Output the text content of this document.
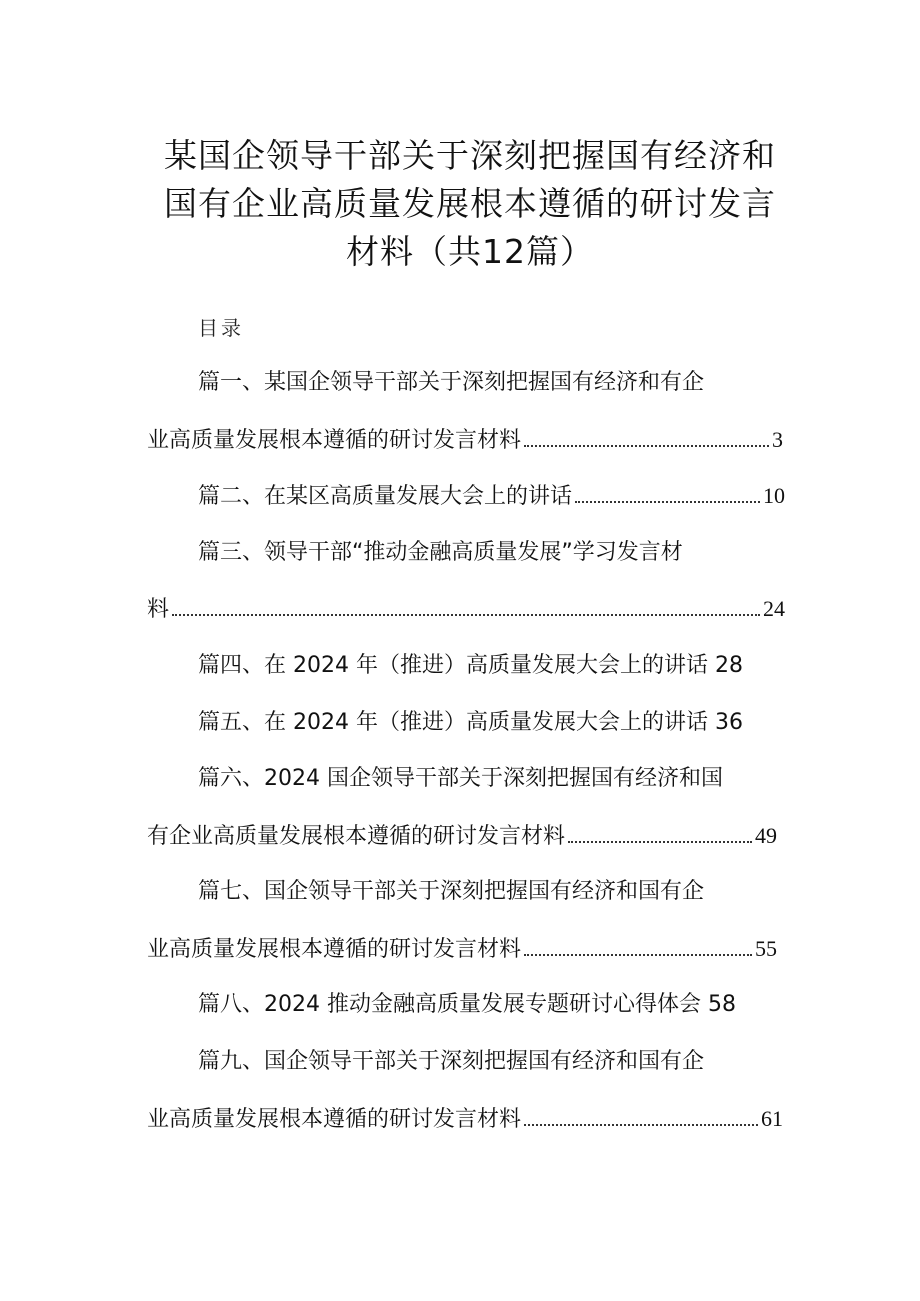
某国企领导干部关于深刻把握国有经济和国有企业高质量发展根本遵循的研讨发言材料（共12篇）
目录
篇一、某国企领导干部关于深刻把握国有经济和有企
业高质量发展根本遵循的研讨发言材料	3
篇二、在某区高质量发展大会上的讲话	10
篇三、领导干部“推动金融高质量发展”学习发言材
料	24
篇四、在 2024 年（推进）高质量发展大会上的讲话 28
篇五、在 2024 年（推进）高质量发展大会上的讲话 36
篇六、2024 国企领导干部关于深刻把握国有经济和国
有企业高质量发展根本遵循的研讨发言材料	49
篇七、国企领导干部关于深刻把握国有经济和国有企
业高质量发展根本遵循的研讨发言材料	55
篇八、2024 推动金融高质量发展专题研讨心得体会 58
篇九、国企领导干部关于深刻把握国有经济和国有企
业高质量发展根本遵循的研讨发言材料	61
